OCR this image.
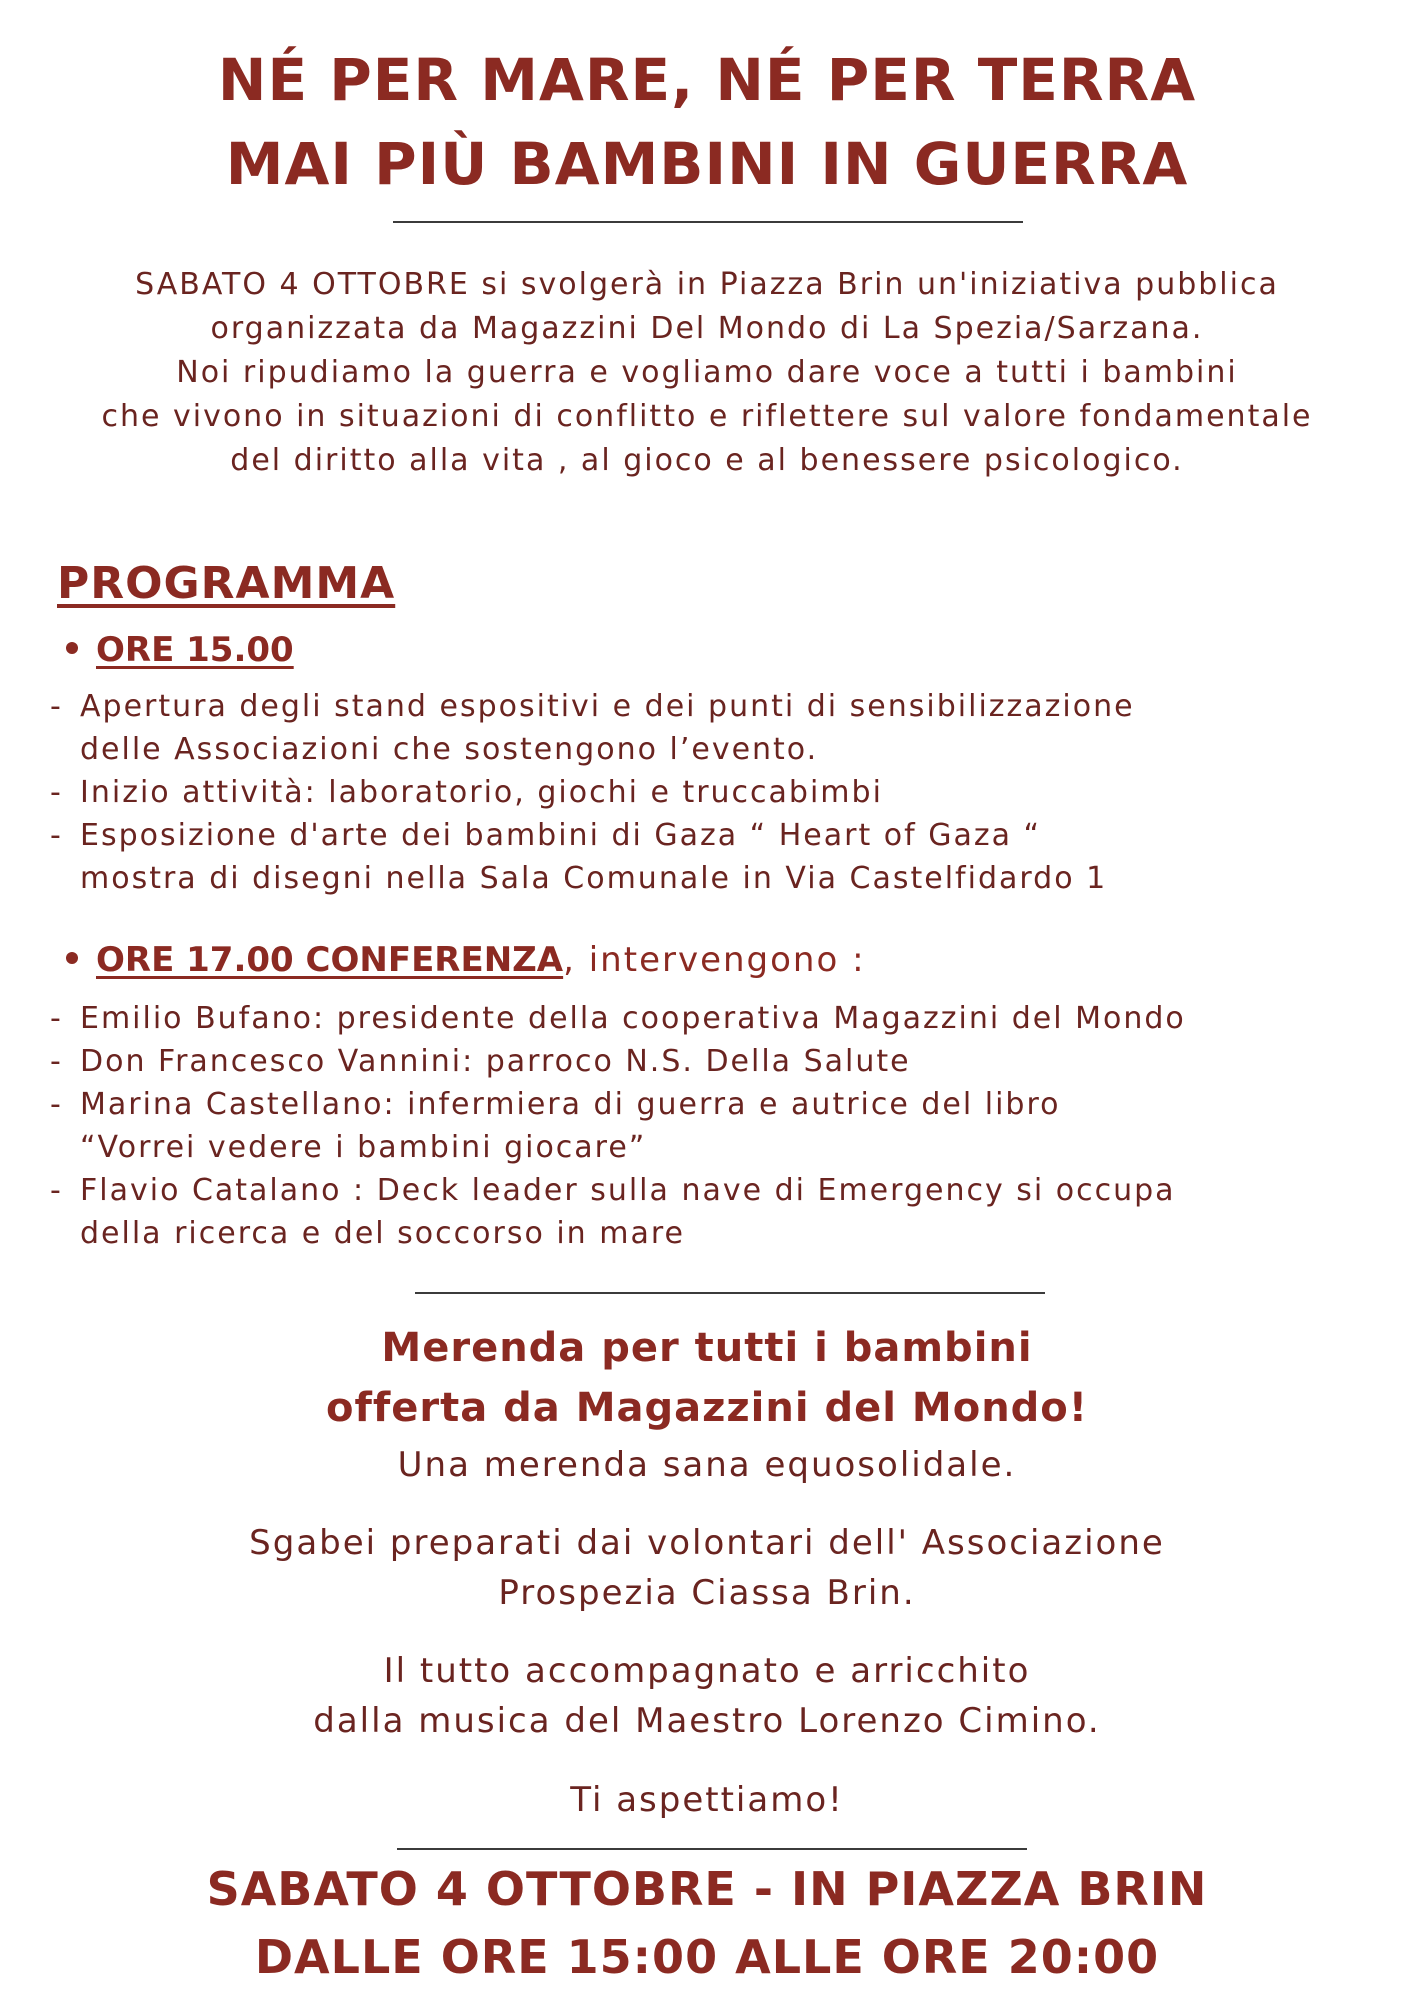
NÉ PER MARE, NÉ PER TERRA
MAI PIÙ BAMBINI IN GUERRA
SABATO 4 OTTOBRE si svolgerà in Piazza Brin un'iniziativa pubblica
organizzata da Magazzini Del Mondo di La Spezia/Sarzana.
Noi ripudiamo la guerra e vogliamo dare voce a tutti i bambini
che vivono in situazioni di conflitto e riflettere sul valore fondamentale
del diritto alla vita , al gioco e al benessere psicologico.
PROGRAMMA
ORE 15.00
- Apertura degli stand espositivi e dei punti di sensibilizzazione
delle Associazioni che sostengono l’evento.
- Inizio attività: laboratorio, giochi e truccabimbi
- Esposizione d'arte dei bambini di Gaza “ Heart of Gaza “
mostra di disegni nella Sala Comunale in Via Castelfidardo 1
ORE 17.00 CONFERENZA, intervengono :
- Emilio Bufano: presidente della cooperativa Magazzini del Mondo
- Don Francesco Vannini: parroco N.S. Della Salute
- Marina Castellano: infermiera di guerra e autrice del libro
“Vorrei vedere i bambini giocare”
- Flavio Catalano : Deck leader sulla nave di Emergency si occupa
della ricerca e del soccorso in mare
Merenda per tutti i bambini
offerta da Magazzini del Mondo!
Una merenda sana equosolidale.
Sgabei preparati dai volontari dell' Associazione
Prospezia Ciassa Brin.
Il tutto accompagnato e arricchito
dalla musica del Maestro Lorenzo Cimino.
Ti aspettiamo!
SABATO 4 OTTOBRE - IN PIAZZA BRIN
DALLE ORE 15:00 ALLE ORE 20:00
